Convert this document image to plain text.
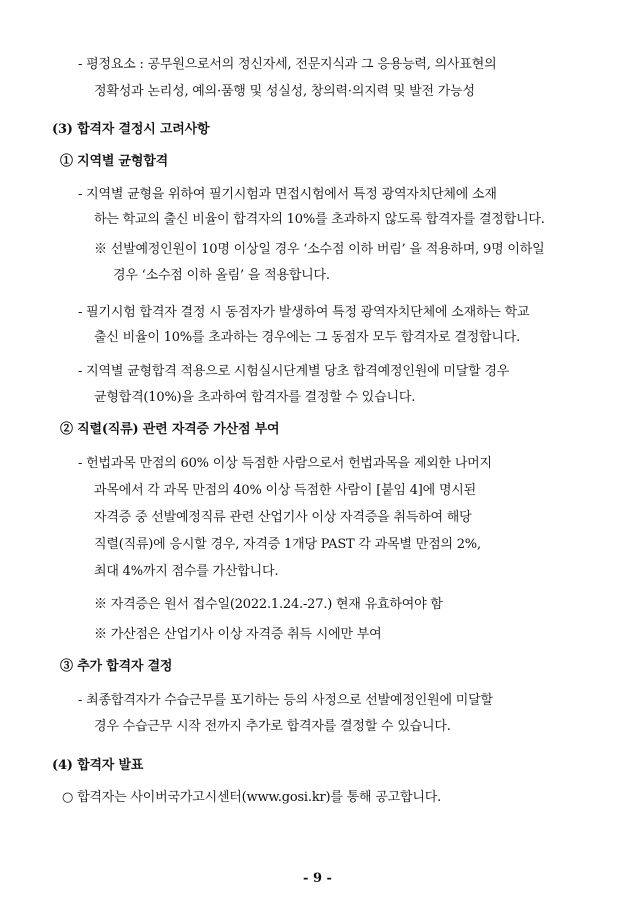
- 평정요소 : 공무원으로서의 정신자세, 전문지식과 그 응용능력, 의사표현의
정확성과 논리성, 예의·품행 및 성실성, 창의력·의지력 및 발전 가능성
(3) 합격자 결정시 고려사항
① 지역별 균형합격
- 지역별 균형을 위하여 필기시험과 면접시험에서 특정 광역자치단체에 소재
하는 학교의 출신 비율이 합격자의 10%를 초과하지 않도록 합격자를 결정합니다.
※ 선발예정인원이 10명 이상일 경우 ‘소수점 이하 버림’ 을 적용하며, 9명 이하일
경우 ‘소수점 이하 올림’ 을 적용합니다.
- 필기시험 합격자 결정 시 동점자가 발생하여 특정 광역자치단체에 소재하는 학교
출신 비율이 10%를 초과하는 경우에는 그 동점자 모두 합격자로 결정합니다.
- 지역별 균형합격 적용으로 시험실시단계별 당초 합격예정인원에 미달할 경우
균형합격(10%)을 초과하여 합격자를 결정할 수 있습니다.
② 직렬(직류) 관련 자격증 가산점 부여
- 헌법과목 만점의 60% 이상 득점한 사람으로서 헌법과목을 제외한 나머지
과목에서 각 과목 만점의 40% 이상 득점한 사람이 [붙임 4]에 명시된
자격증 중 선발예정직류 관련 산업기사 이상 자격증을 취득하여 해당
직렬(직류)에 응시할 경우, 자격증 1개당 PAST 각 과목별 만점의 2%,
최대 4%까지 점수를 가산합니다.
※ 자격증은 원서 접수일(2022.1.24.-27.) 현재 유효하여야 함
※ 가산점은 산업기사 이상 자격증 취득 시에만 부여
③ 추가 합격자 결정
- 최종합격자가 수습근무를 포기하는 등의 사정으로 선발예정인원에 미달할
경우 수습근무 시작 전까지 추가로 합격자를 결정할 수 있습니다.
(4) 합격자 발표
○ 합격자는 사이버국가고시센터(www.gosi.kr)를 통해 공고합니다.
- 9 -
